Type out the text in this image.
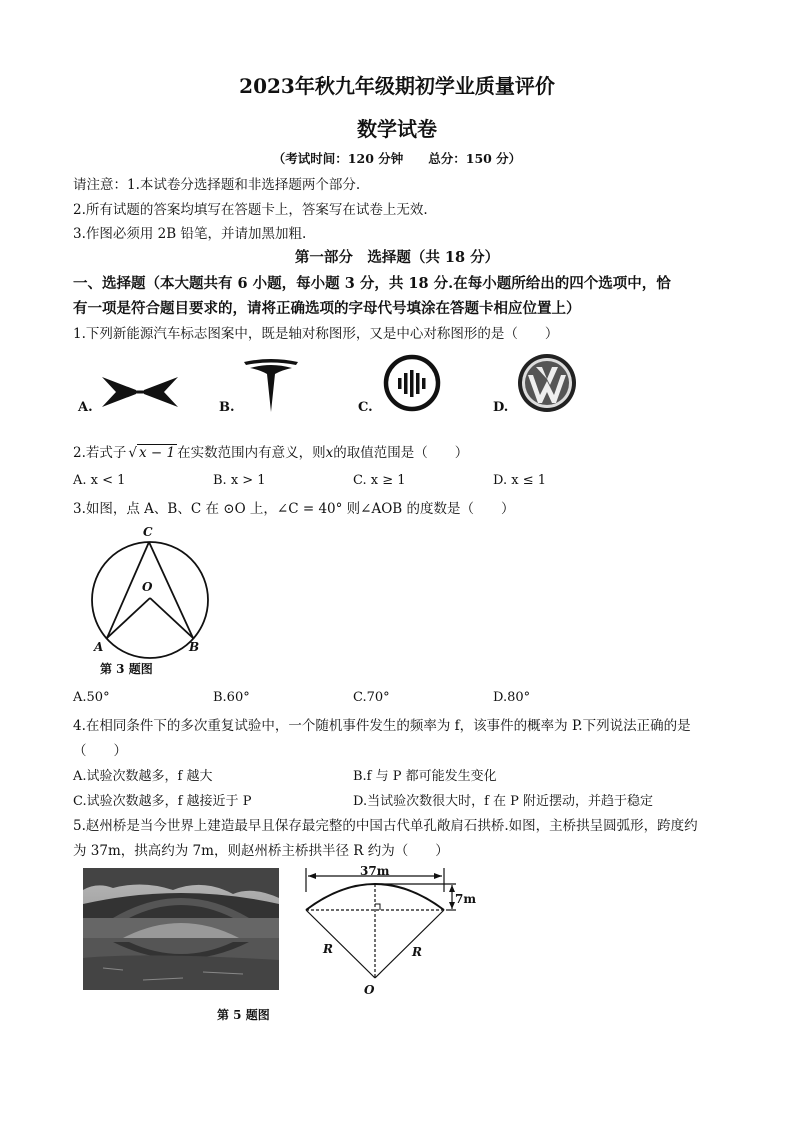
2023年秋九年级期初学业质量评价
数学试卷
（考试时间：120 分钟　　总分：150 分）
请注意：1.本试卷分选择题和非选择题两个部分.
2.所有试题的答案均填写在答题卡上，答案写在试卷上无效.
3.作图必须用 2B 铅笔，并请加黑加粗.
第一部分　选择题（共 18 分）
一、选择题（本大题共有 6 小题，每小题 3 分，共 18 分.在每小题所给出的四个选项中，恰
有一项是符合题目要求的，请将正确选项的字母代号填涂在答题卡相应位置上）
1.下列新能源汽车标志图案中，既是轴对称图形，又是中心对称图形的是（　　）
A.	B.	C.	D.
2.若式子 √ x − 1 在实数范围内有意义，则x的取值范围是（　　）
A. x < 1	B. x > 1	C. x ≥ 1	D. x ≤ 1
3.如图，点 A、B、C 在 ⊙O 上，∠C = 40° 则∠AOB 的度数是（　　）
C
O
A	B
第 3 题图
A.50°	B.60°	C.70°	D.80°
4.在相同条件下的多次重复试验中，一个随机事件发生的频率为 f，该事件的概率为 P.下列说法正确的是
（　　）
A.试验次数越多，f 越大	B.f 与 P 都可能发生变化
C.试验次数越多，f 越接近于 P	D.当试验次数很大时，f 在 P 附近摆动，并趋于稳定
5.赵州桥是当今世界上建造最早且保存最完整的中国古代单孔敞肩石拱桥.如图，主桥拱呈圆弧形，跨度约
为 37m，拱高约为 7m，则赵州桥主桥拱半径 R 约为（　　）
37m
7m
R	R
O
第 5 题图
